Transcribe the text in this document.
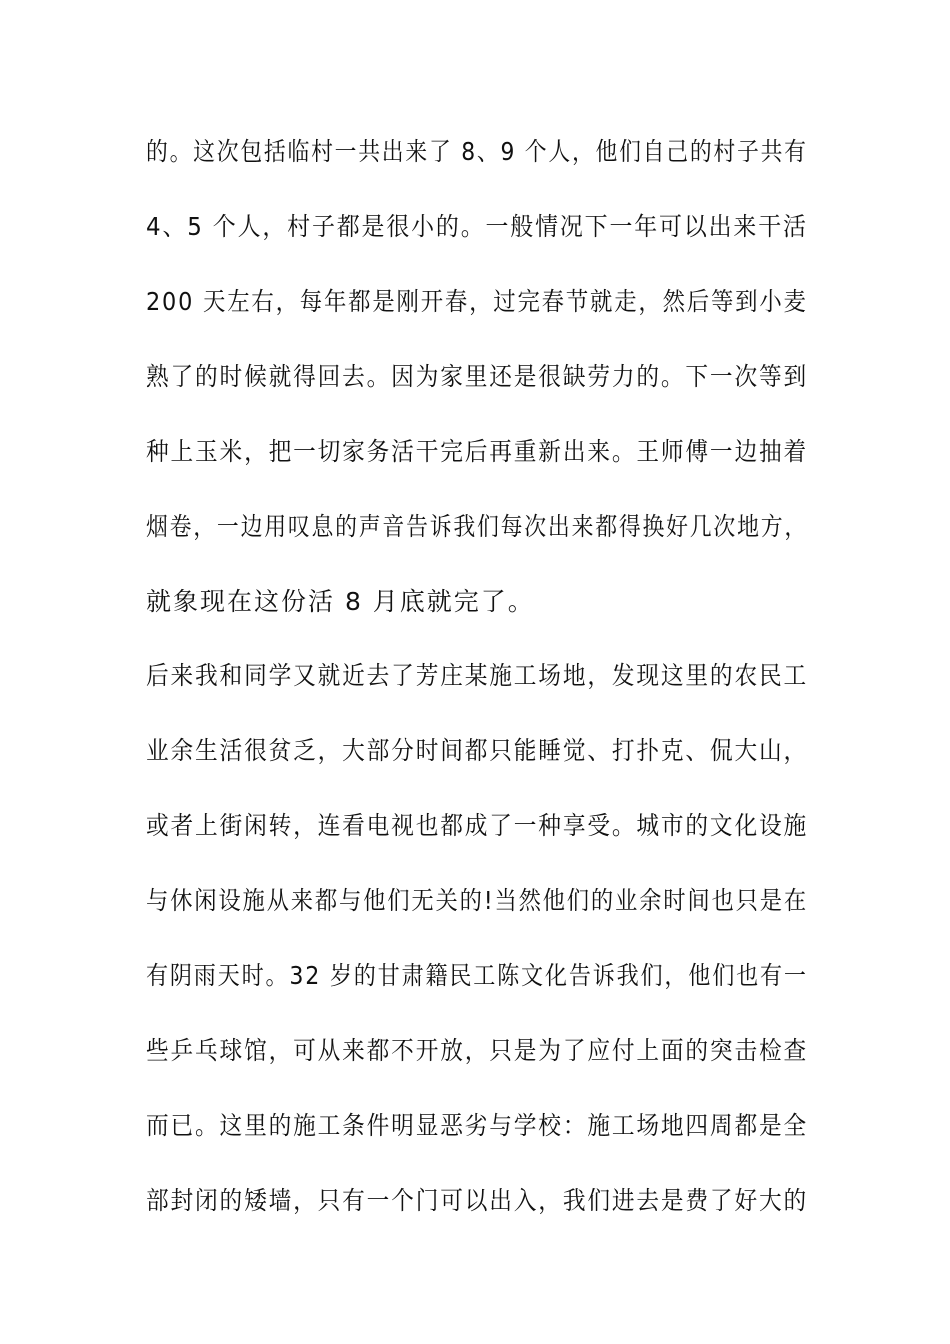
的。这次包括临村一共出来了 8、9 个人，他们自己的村子共有
4、5 个人，村子都是很小的。一般情况下一年可以出来干活
200 天左右，每年都是刚开春，过完春节就走，然后等到小麦
熟了的时候就得回去。因为家里还是很缺劳力的。下一次等到
种上玉米，把一切家务活干完后再重新出来。王师傅一边抽着
烟卷，一边用叹息的声音告诉我们每次出来都得换好几次地方，
就象现在这份活 8 月底就完了。
后来我和同学又就近去了芳庄某施工场地，发现这里的农民工
业余生活很贫乏，大部分时间都只能睡觉、打扑克、侃大山，
或者上街闲转，连看电视也都成了一种享受。城市的文化设施
与休闲设施从来都与他们无关的!当然他们的业余时间也只是在
有阴雨天时。32 岁的甘肃籍民工陈文化告诉我们，他们也有一
些乒乓球馆，可从来都不开放，只是为了应付上面的突击检查
而已。这里的施工条件明显恶劣与学校：施工场地四周都是全
部封闭的矮墙，只有一个门可以出入，我们进去是费了好大的
